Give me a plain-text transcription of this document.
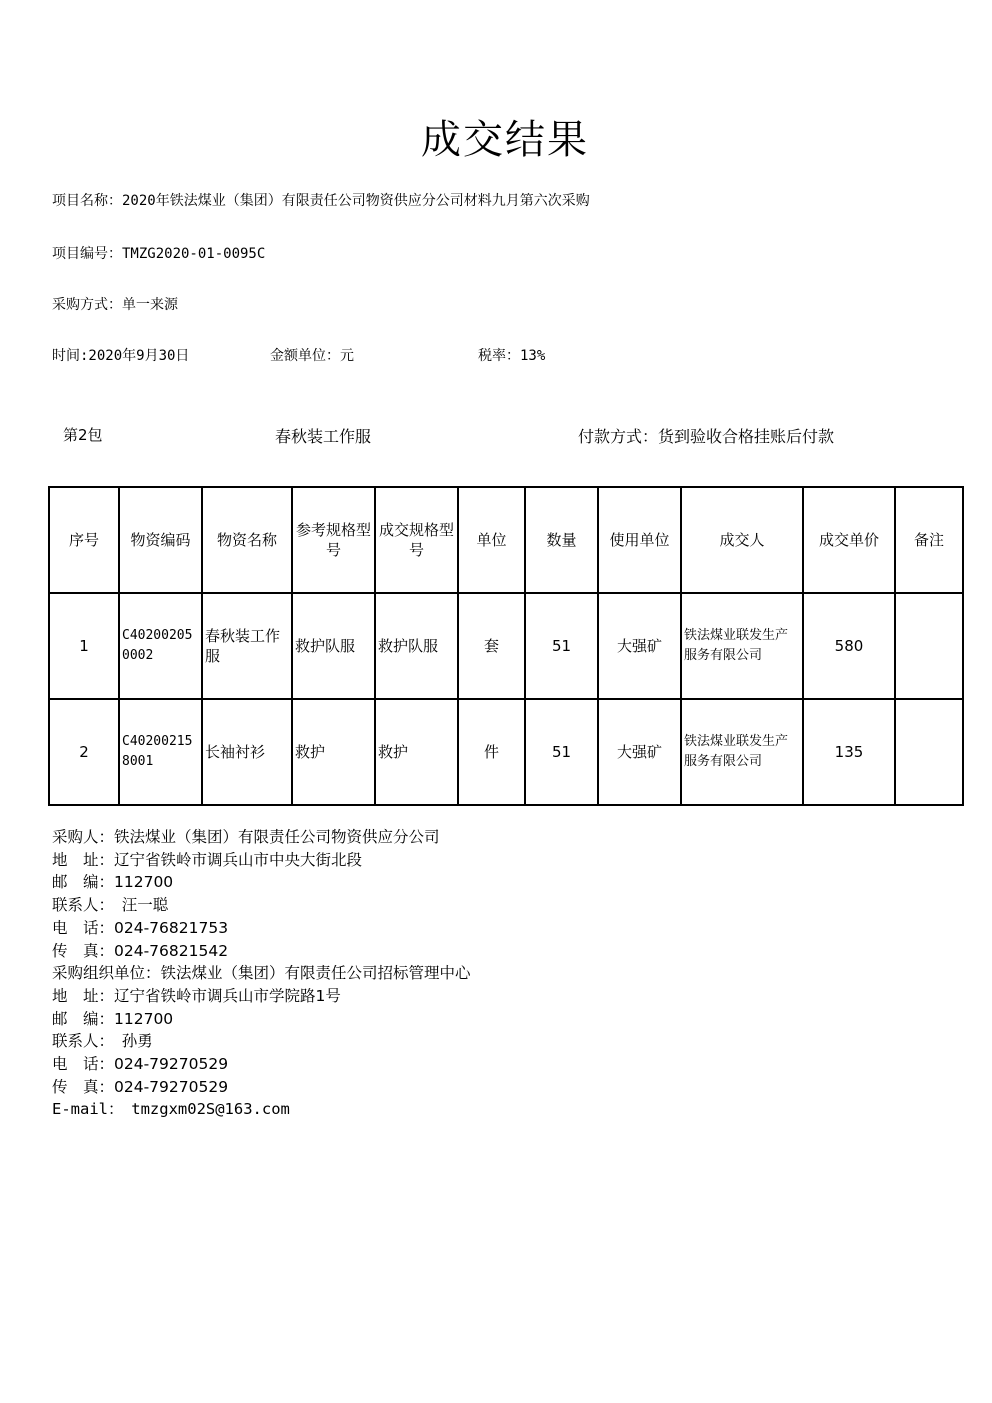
成交结果
项目名称：2020年铁法煤业（集团）有限责任公司物资供应分公司材料九月第六次采购
项目编号：TMZG2020-01-0095C
采购方式：单一来源
时间:2020年9月30日	金额单位：元	税率：13%
第2包	春秋装工作服	付款方式：货到验收合格挂账后付款
序号	物资编码	物资名称	参考规格型号	成交规格型号	单位	数量	使用单位	成交人	成交单价	备注
1	C402002050002	春秋装工作服	救护队服	救护队服	套	51	大强矿	铁法煤业联发生产服务有限公司	580	
2	C402002158001	长袖衬衫	救护	救护	件	51	大强矿	铁法煤业联发生产服务有限公司	135	
采购人：铁法煤业（集团）有限责任公司物资供应分公司
地　址：辽宁省铁岭市调兵山市中央大街北段
邮　编：112700
联系人：　汪一聪
电　话：024-76821753
传　真：024-76821542
采购组织单位：铁法煤业（集团）有限责任公司招标管理中心
地　址：辽宁省铁岭市调兵山市学院路1号
邮　编：112700
联系人：　孙勇
电　话：024-79270529
传　真：024-79270529
E-mail：　tmzgxm02S@163.com
